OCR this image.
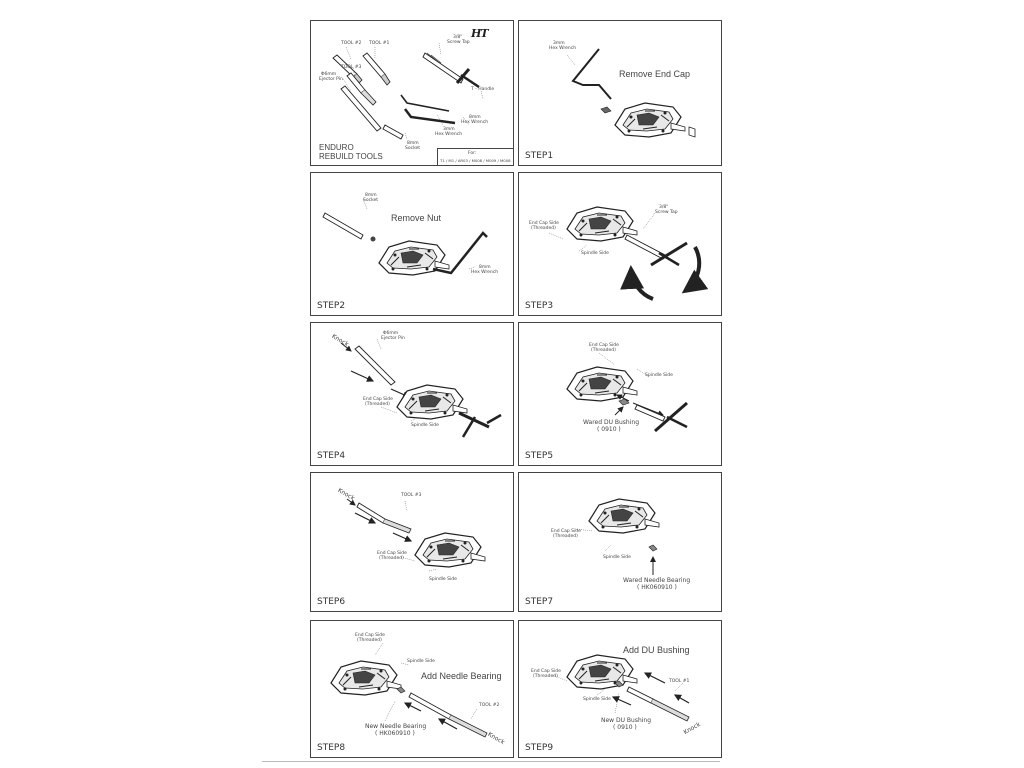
HT
TOOL #2 TOOL #1
TOOL #3
Φ6mm
Ejector Pin
3/8"
Screw Tap
T - Handle
8mm
Hex Wrench
3mm
Hex Wrench
8mm
Socket
ENDURO
REBUILD TOOLS	For:
T1 / M1 / AR03 / M008 / M009 / M008
3mm
Hex Wrench
Remove End Cap
STEP1
8mm
Socket
Remove Nut
8mm
Hex Wrench
STEP2
End Cap Side
(Threaded)
Spindle Side
3/8"
Screw Tap
STEP3
Knock	Φ6mm
Ejector Pin
End Cap Side
(Threaded)
Spindle Side
STEP4
End Cap Side
(Threaded)
Spindle Side
Wared DU Bushing
( 0910 )
STEP5
Knock	TOOL #3
End Cap Side
(Threaded)
Spindle Side
STEP6
End Cap Side
(Threaded)
Spindle Side
Wared Needle Bearing
( HK060910 )
STEP7
End Cap Side
(Threaded)
Spindle Side
Add Needle Bearing
TOOL #2
New Needle Bearing
( HK060910 )	Knock
STEP8
Add DU Bushing
End Cap Side
(Threaded)
Spindle Side
TOOL #1
New DU Bushing
( 0910 )	Knock
STEP9
